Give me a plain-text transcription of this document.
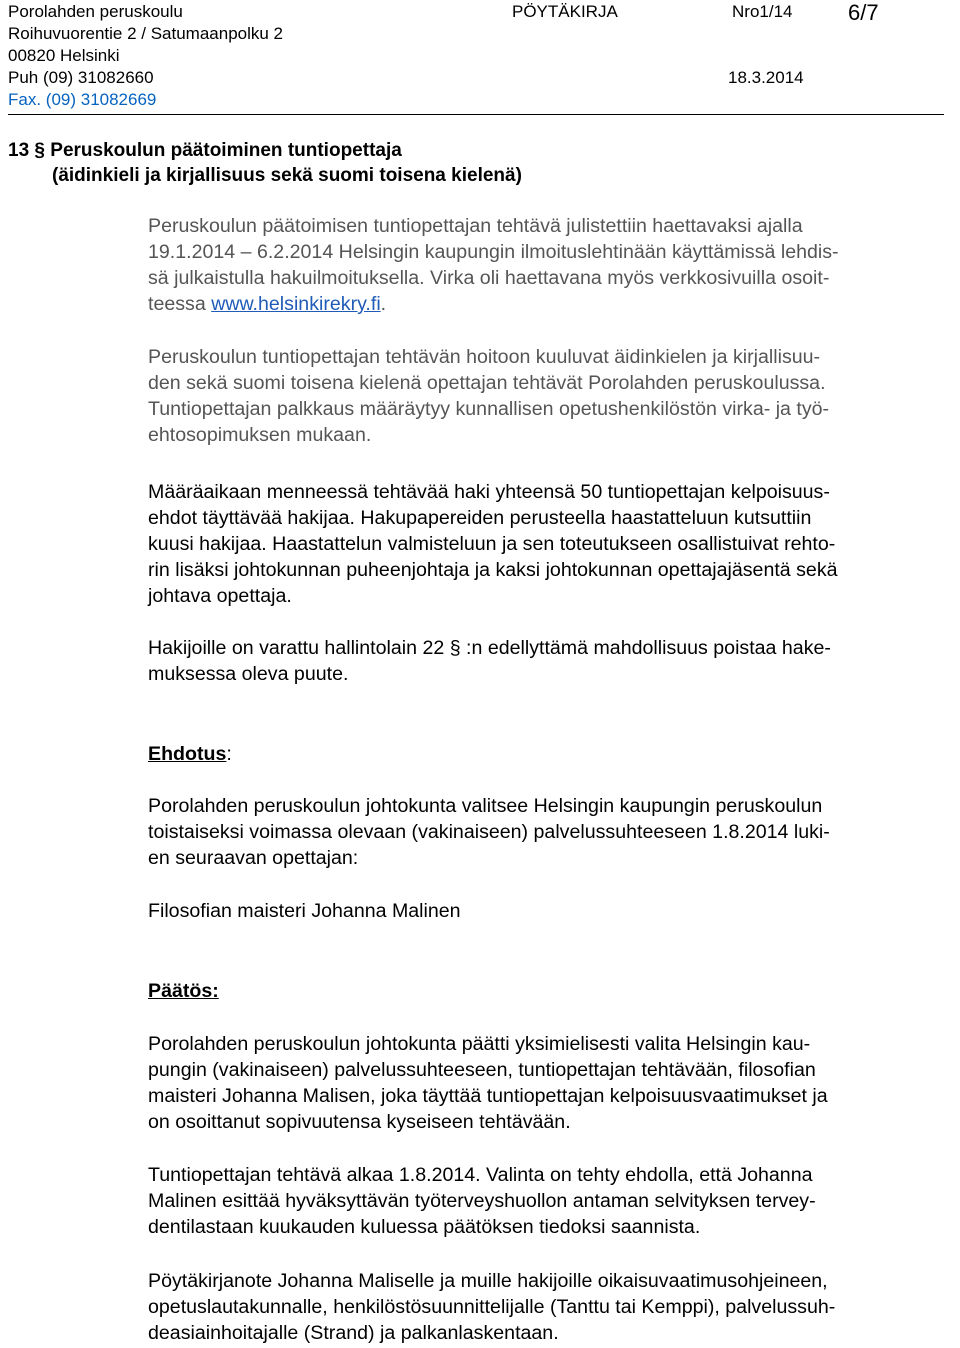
Porolahden peruskoulu
Roihuvuorentie 2 / Satumaanpolku 2
00820 Helsinki
Puh (09) 31082660
Fax. (09) 31082669
PÖYTÄKIRJA	Nro1/14	6/7
18.3.2014
13 § Peruskoulun päätoiminen tuntiopettaja
(äidinkieli ja kirjallisuus sekä suomi toisena kielenä)
Peruskoulun päätoimisen tuntiopettajan tehtävä julistettiin haettavaksi ajalla
19.1.2014 – 6.2.2014 Helsingin kaupungin ilmoituslehtinään käyttämissä lehdis-
sä julkaistulla hakuilmoituksella. Virka oli haettavana myös verkkosivuilla osoit-
teessa www.helsinkirekry.fi.
Peruskoulun tuntiopettajan tehtävän hoitoon kuuluvat äidinkielen ja kirjallisuu-
den sekä suomi toisena kielenä opettajan tehtävät Porolahden peruskoulussa.
Tuntiopettajan palkkaus määräytyy kunnallisen opetushenkilöstön virka- ja työ-
ehtosopimuksen mukaan.
Määräaikaan menneessä tehtävää haki yhteensä 50 tuntiopettajan kelpoisuus-
ehdot täyttävää hakijaa. Hakupapereiden perusteella haastatteluun kutsuttiin
kuusi hakijaa. Haastattelun valmisteluun ja sen toteutukseen osallistuivat rehto-
rin lisäksi johtokunnan puheenjohtaja ja kaksi johtokunnan opettajajäsentä sekä
johtava opettaja.
Hakijoille on varattu hallintolain 22 § :n edellyttämä mahdollisuus poistaa hake-
muksessa oleva puute.
Ehdotus:
Porolahden peruskoulun johtokunta valitsee Helsingin kaupungin peruskoulun
toistaiseksi voimassa olevaan (vakinaiseen) palvelussuhteeseen 1.8.2014 luki-
en seuraavan opettajan:
Filosofian maisteri Johanna Malinen
Päätös:
Porolahden peruskoulun johtokunta päätti yksimielisesti valita Helsingin kau-
pungin (vakinaiseen) palvelussuhteeseen, tuntiopettajan tehtävään, filosofian
maisteri Johanna Malisen, joka täyttää tuntiopettajan kelpoisuusvaatimukset ja
on osoittanut sopivuutensa kyseiseen tehtävään.
Tuntiopettajan tehtävä alkaa 1.8.2014. Valinta on tehty ehdolla, että Johanna
Malinen esittää hyväksyttävän työterveyshuollon antaman selvityksen tervey-
dentilastaan kuukauden kuluessa päätöksen tiedoksi saannista.
Pöytäkirjanote Johanna Maliselle ja muille hakijoille oikaisuvaatimusohjeineen,
opetuslautakunnalle, henkilöstösuunnittelijalle (Tanttu tai Kemppi), palvelussuh-
deasiainhoitajalle (Strand) ja palkanlaskentaan.
